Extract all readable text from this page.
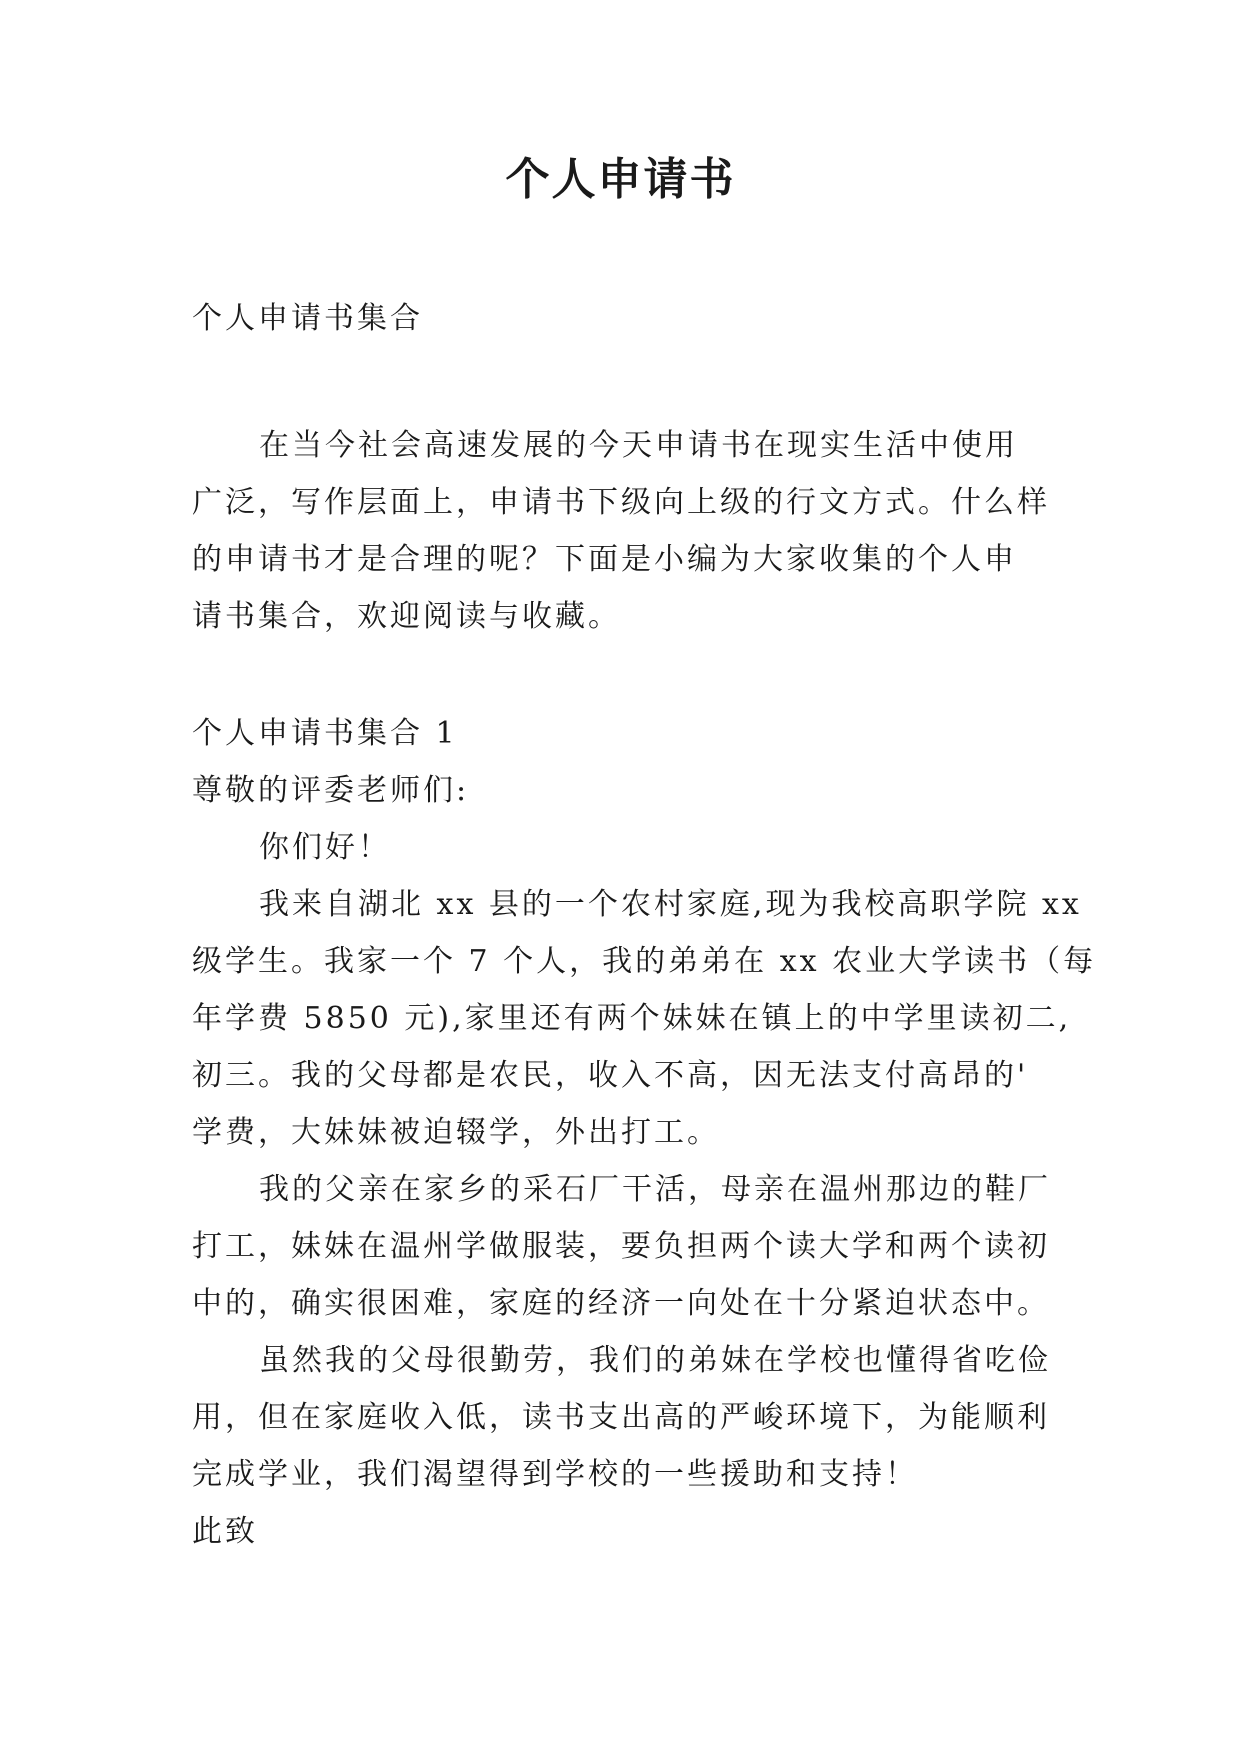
个人申请书
个人申请书集合
在当今社会高速发展的今天申请书在现实生活中使用
广泛，写作层面上，申请书下级向上级的行文方式。什么样
的申请书才是合理的呢？下面是小编为大家收集的个人申
请书集合，欢迎阅读与收藏。
个人申请书集合 1
尊敬的评委老师们:
你们好！
我来自湖北 xx 县的一个农村家庭,现为我校高职学院 xx
级学生。我家一个 7 个人，我的弟弟在 xx 农业大学读书（每
年学费 5850 元),家里还有两个妹妹在镇上的中学里读初二,
初三。我的父母都是农民，收入不高，因无法支付高昂的'
学费，大妹妹被迫辍学，外出打工。
我的父亲在家乡的采石厂干活，母亲在温州那边的鞋厂
打工，妹妹在温州学做服装，要负担两个读大学和两个读初
中的，确实很困难，家庭的经济一向处在十分紧迫状态中。
虽然我的父母很勤劳，我们的弟妹在学校也懂得省吃俭
用，但在家庭收入低，读书支出高的严峻环境下，为能顺利
完成学业，我们渴望得到学校的一些援助和支持！
此致
